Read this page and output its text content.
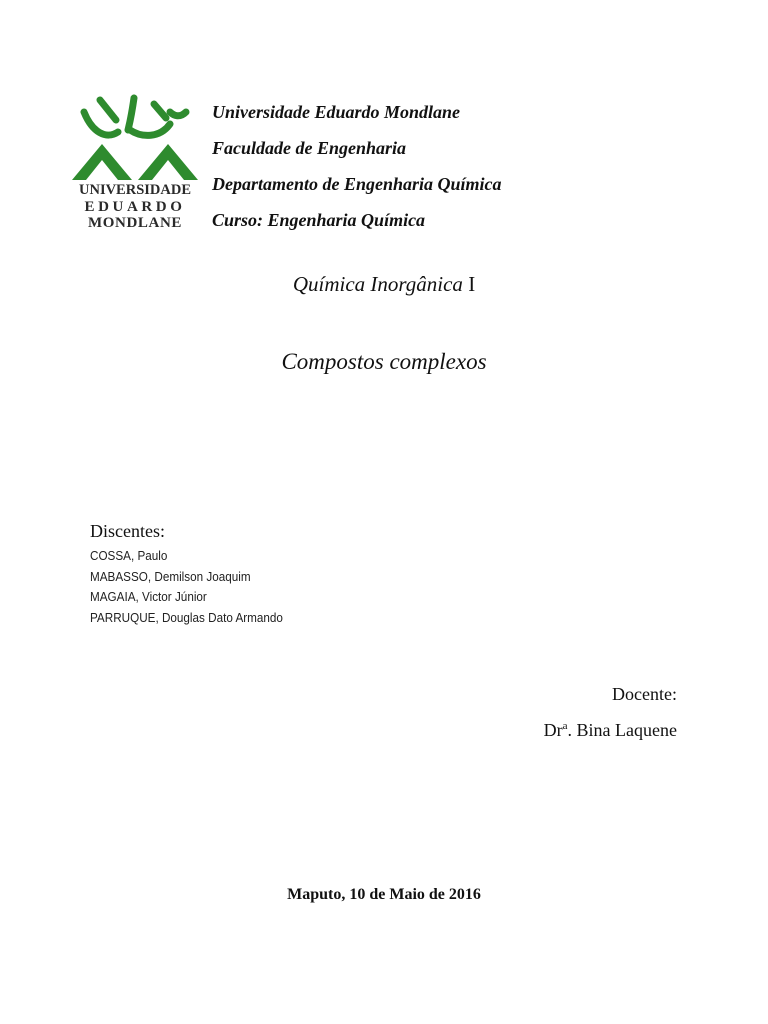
UNIVERSIDADE
EDUARDO
MONDLANE
Universidade Eduardo Mondlane
Faculdade de Engenharia
Departamento de Engenharia Química
Curso: Engenharia Química
Química Inorgânica I
Compostos complexos
Discentes:
COSSA, Paulo
MABASSO, Demilson Joaquim
MAGAIA, Victor Júnior
PARRUQUE, Douglas Dato Armando
Docente:
Dr$^a$. Bina Laquene
Maputo, 10 de Maio de 2016
